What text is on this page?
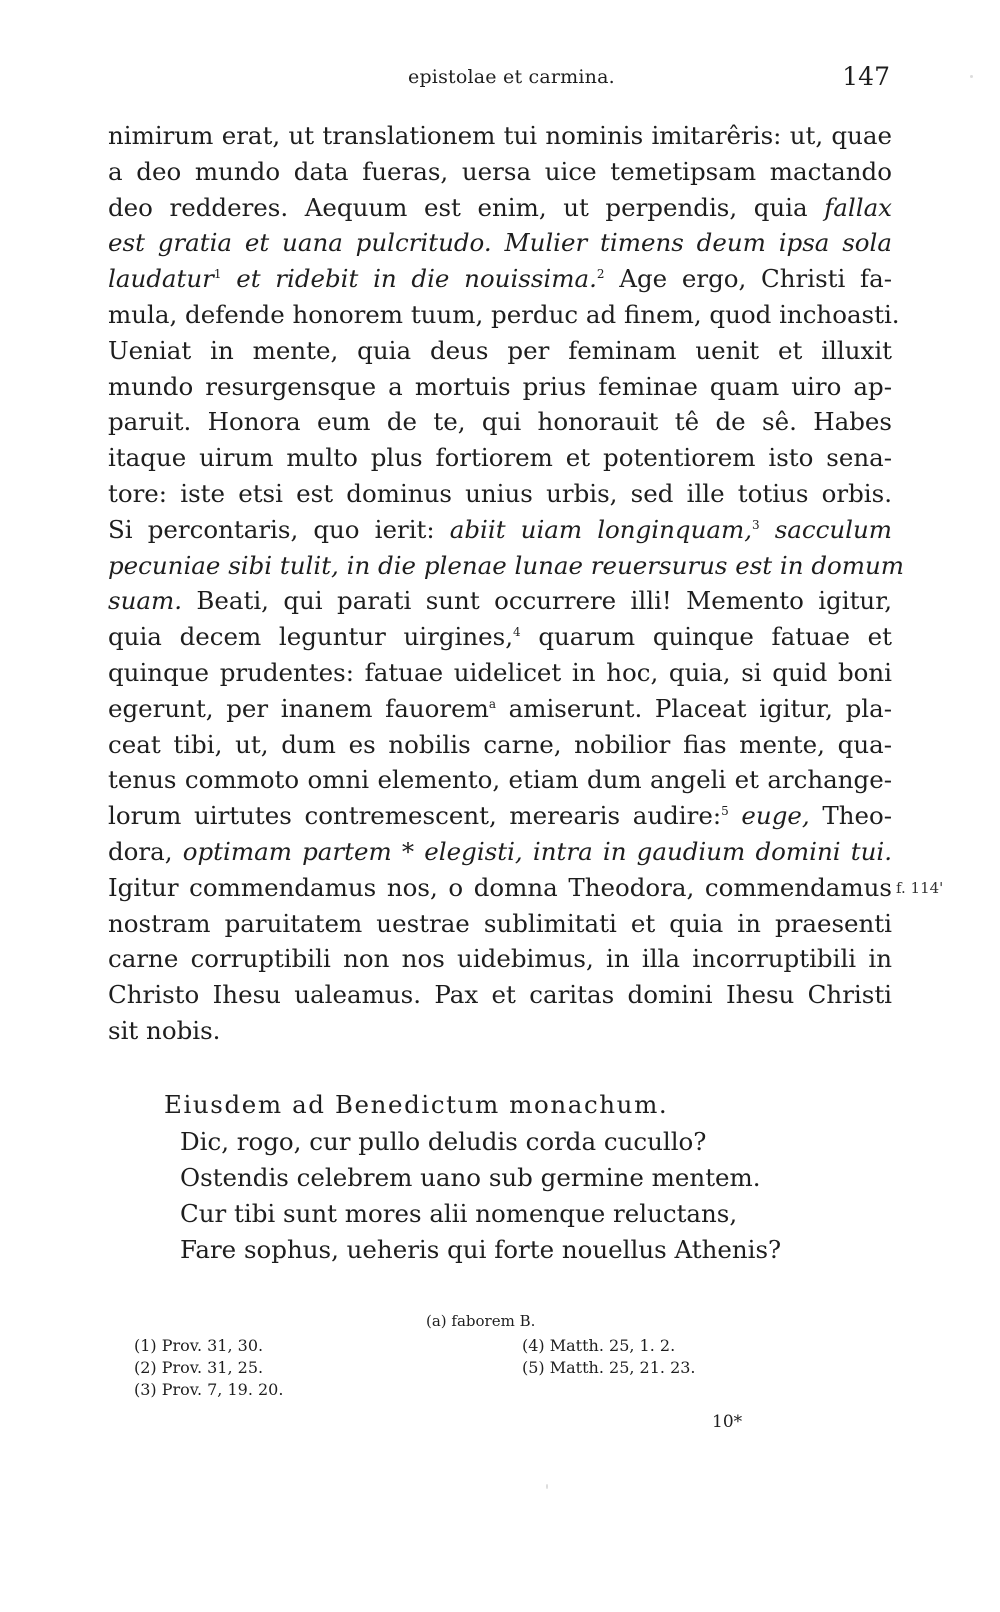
epistolae et carmina.	147
nimirum erat, ut translationem tui nominis imitarêris: ut, quae
a deo mundo data fueras, uersa uice temetipsam mactando
deo redderes. Aequum est enim, ut perpendis, quia fallax
est gratia et uana pulcritudo. Mulier timens deum ipsa sola
laudatur$^1$ et ridebit in die nouissima.$^2$ Age ergo, Christi fa-
mula, defende honorem tuum, perduc ad finem, quod inchoasti.
Ueniat in mente, quia deus per feminam uenit et illuxit
mundo resurgensque a mortuis prius feminae quam uiro ap-
paruit. Honora eum de te, qui honorauit tê de sê. Habes
itaque uirum multo plus fortiorem et potentiorem isto sena-
tore: iste etsi est dominus unius urbis, sed ille totius orbis.
Si percontaris, quo ierit: abiit uiam longinquam,$^3$ sacculum
pecuniae sibi tulit, in die plenae lunae reuersurus est in domum
suam. Beati, qui parati sunt occurrere illi! Memento igitur,
quia decem leguntur uirgines,$^4$ quarum quinque fatuae et
quinque prudentes: fatuae uidelicet in hoc, quia, si quid boni
egerunt, per inanem fauorem$^a$ amiserunt. Placeat igitur, pla-
ceat tibi, ut, dum es nobilis carne, nobilior fias mente, qua-
tenus commoto omni elemento, etiam dum angeli et archange-
lorum uirtutes contremescent, merearis audire:$^5$ euge, Theo-
dora, optimam partem * elegisti, intra in gaudium domini tui.
Igitur commendamus nos, o domna Theodora, commendamus
nostram paruitatem uestrae sublimitati et quia in praesenti
carne corruptibili non nos uidebimus, in illa incorruptibili in
Christo Ihesu ualeamus. Pax et caritas domini Ihesu Christi
sit nobis.
f. 114'
Eiusdem ad Benedictum monachum.
Dic, rogo, cur pullo deludis corda cucullo?
Ostendis celebrem uano sub germine mentem.
Cur tibi sunt mores alii nomenque reluctans,
Fare sophus, ueheris qui forte nouellus Athenis?
(a) faborem B.
(1) Prov. 31, 30.
(2) Prov. 31, 25.
(3) Prov. 7, 19. 20.
(4) Matth. 25, 1. 2.
(5) Matth. 25, 21. 23.
10*
